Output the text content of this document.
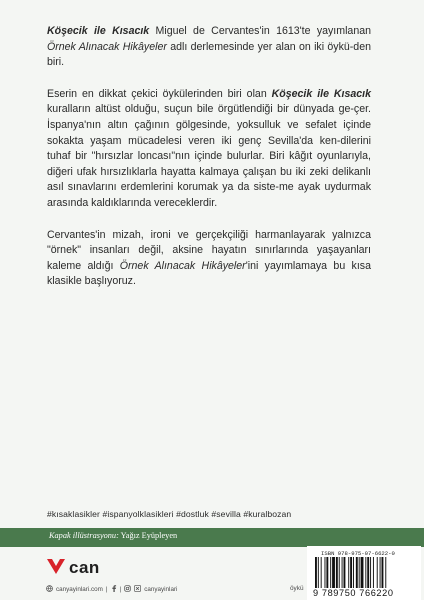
Köşecik ile Kısacık Miguel de Cervantes'in 1613'te yayımlanan Örnek Alınacak Hikâyeler adlı derlemesinde yer alan on iki öykü-den biri.

Eserin en dikkat çekici öykülerinden biri olan Köşecik ile Kısacık kuralların altüst olduğu, suçun bile örgütlendiği bir dünyada ge-çer. İspanya'nın altın çağının gölgesinde, yoksulluk ve sefalet içinde sokakta yaşam mücadelesi veren iki genç Sevilla'da ken-dilerini tuhaf bir "hırsızlar loncası"nın içinde bulurlar. Biri kâğıt oyunlarıyla, diğeri ufak hırsızlıklarla hayatta kalmaya çalışan bu iki zeki delikanlı asıl sınavlarını erdemlerini korumak ya da siste-me ayak uydurmak arasında kaldıklarında vereceklerdir.

Cervantes'in mizah, ironi ve gerçekçiliği harmanlayarak yalnızca "örnek" insanları değil, aksine hayatın sınırlarında yaşayanları kaleme aldığı Örnek Alınacak Hikâyeler'ini yayımlamaya bu kısa klasikle başlıyoruz.

#kısaklasikler #ispanyolklasikleri #dostluk #sevilla #kuralbozan
Kapak illüstrasyonu: Yağız Eyüpleyen
can
canyayinlari.com | |	canyayinlari	öykü
ISBN 978-975-07-6622-0
9 789750 766220
